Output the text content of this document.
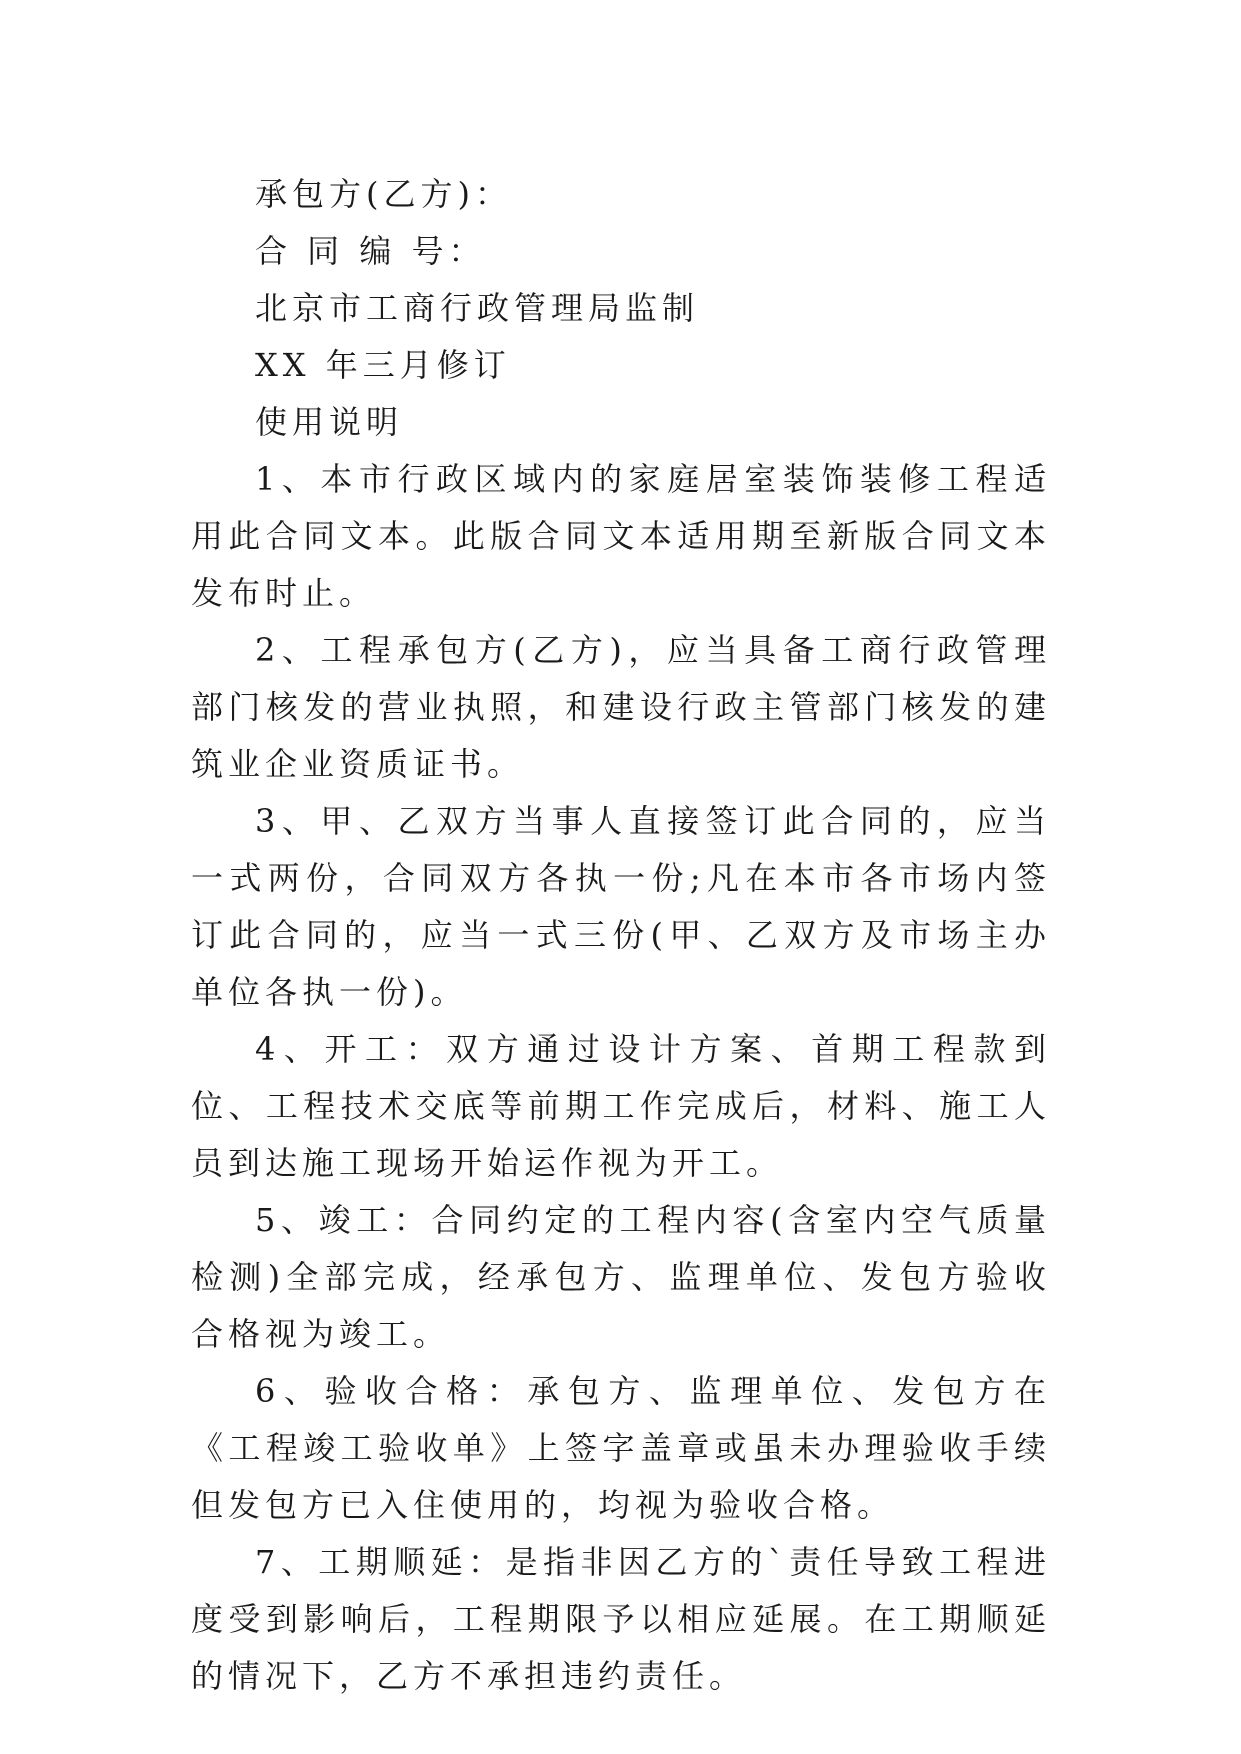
承包方(乙方)：

合 同 编 号：

北京市工商行政管理局监制

XX 年三月修订

使用说明

1、本市行政区域内的家庭居室装饰装修工程适用此合同文本。此版合同文本适用期至新版合同文本发布时止。

2、工程承包方(乙方)，应当具备工商行政管理部门核发的营业执照，和建设行政主管部门核发的建筑业企业资质证书。

3、甲、乙双方当事人直接签订此合同的，应当一式两份，合同双方各执一份;凡在本市各市场内签订此合同的，应当一式三份(甲、乙双方及市场主办单位各执一份)。

4、开工：双方通过设计方案、首期工程款到位、工程技术交底等前期工作完成后，材料、施工人员到达施工现场开始运作视为开工。

5、竣工：合同约定的工程内容(含室内空气质量检测)全部完成，经承包方、监理单位、发包方验收合格视为竣工。

6、验收合格：承包方、监理单位、发包方在《工程竣工验收单》上签字盖章或虽未办理验收手续但发包方已入住使用的，均视为验收合格。

7、工期顺延：是指非因乙方的`责任导致工程进度受到影响后，工程期限予以相应延展。在工期顺延的情况下，乙方不承担违约责任。
